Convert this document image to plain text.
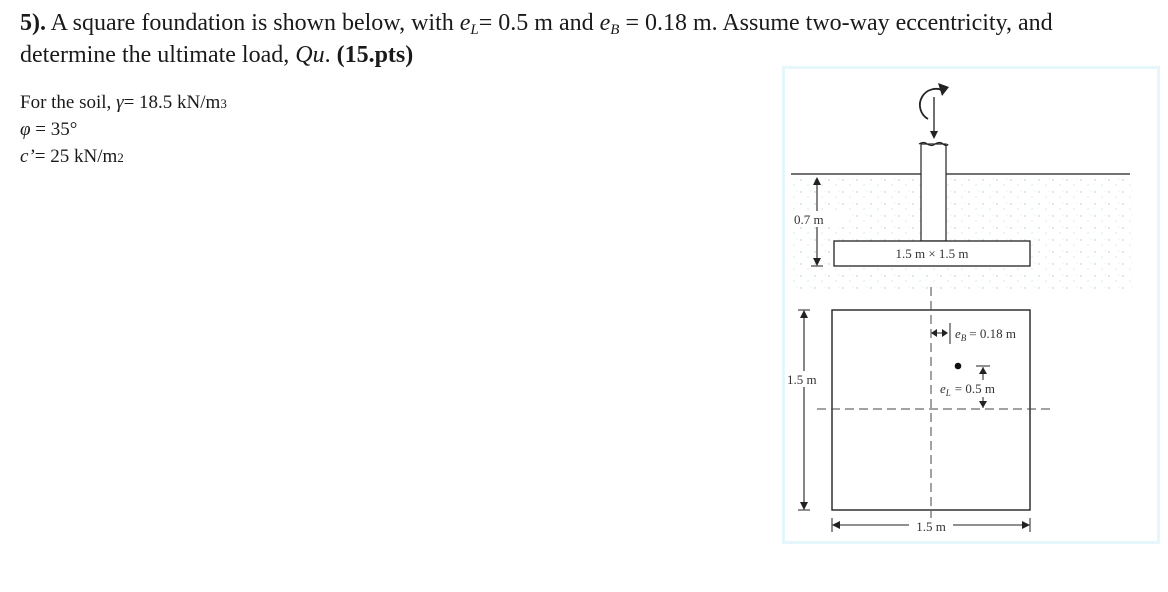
5). A square foundation is shown below, with eL= 0.5 m and eB = 0.18 m. Assume two-way eccentricity, and
determine the ultimate load, Qu. (15.pts)
For the soil, γ= 18.5 kN/m3
φ = 35°
c’= 25 kN/m2
1.5 m × 1.5 m
0.7 m
$e_B = 0.18$ m
$e_L = 0.5$ m
1.5 m
1.5 m
